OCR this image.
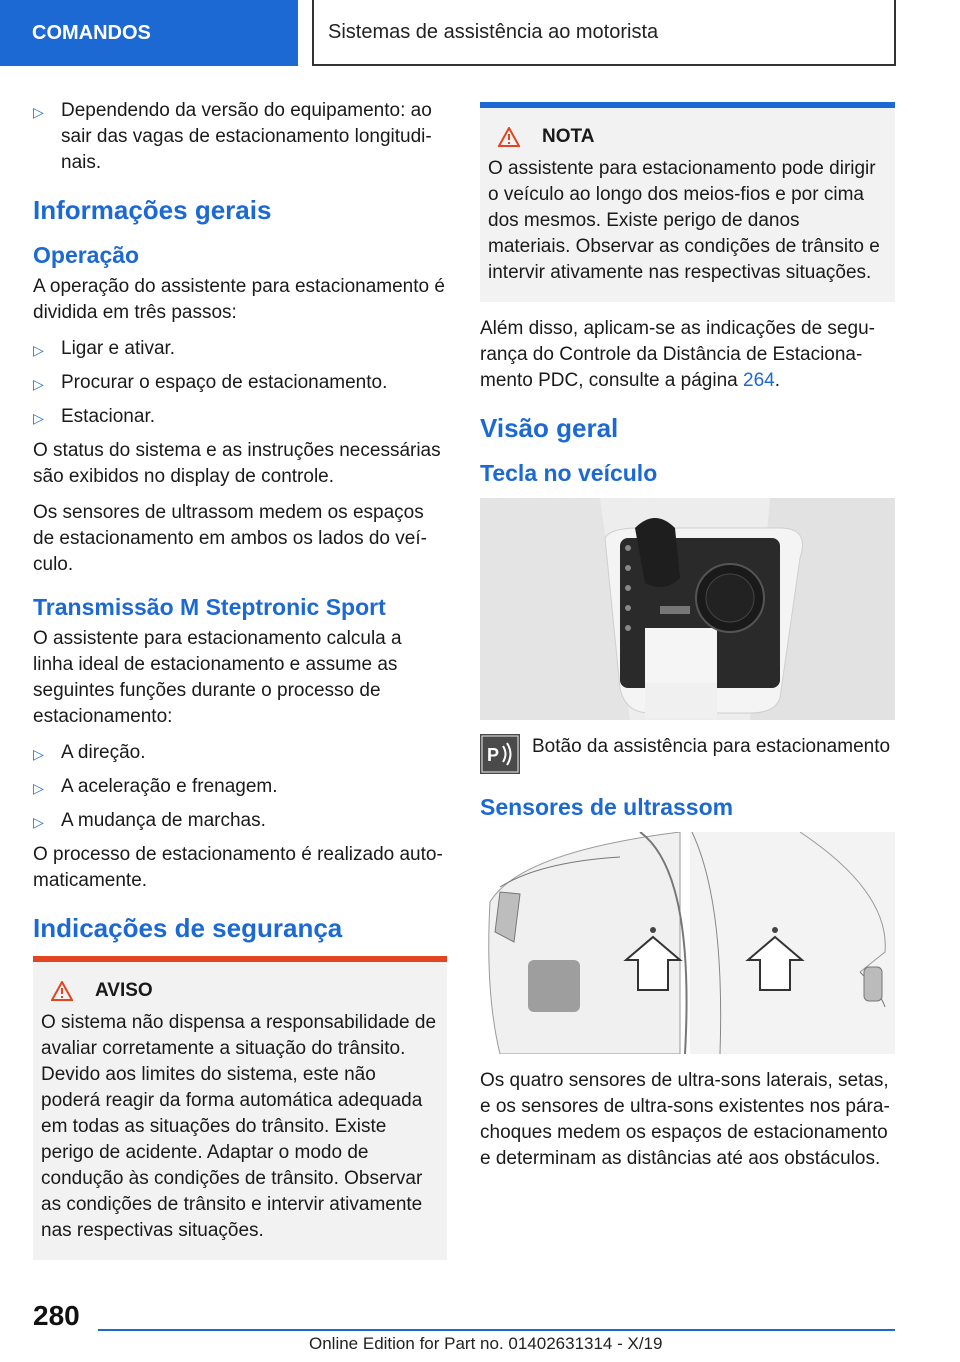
COMANDOS	Sistemas de assistência ao motorista
▷ Dependendo da versão do equipamento: ao sair das vagas de estacionamento longitudinais.
Informações gerais
Operação

A operação do assistente para estacionamento é dividida em três passos:

▷ Ligar e ativar.
▷ Procurar o espaço de estacionamento.
▷ Estacionar.

O status do sistema e as instruções necessárias são exibidos no display de controle.

Os sensores de ultrassom medem os espaços de estacionamento em ambos os lados do veículo.

Transmissão M Steptronic Sport

O assistente para estacionamento calcula a linha ideal de estacionamento e assume as seguintes funções durante o processo de estacionamento:

▷ A direção.
▷ A aceleração e frenagem.
▷ A mudança de marchas.

O processo de estacionamento é realizado automaticamente.

Indicações de segurança
AVISO

O sistema não dispensa a responsabilidade de avaliar corretamente a situação do trânsito. Devido aos limites do sistema, este não poderá reagir da forma automática adequada em todas as situações do trânsito. Existe perigo de acidente. Adaptar o modo de condução às condições de trânsito. Observar as condições de trânsito e intervir ativamente nas respectivas situações.

NOTA

O assistente para estacionamento pode dirigir o veículo ao longo dos meios-fios e por cima dos mesmos. Existe perigo de danos materiais. Observar as condições de trânsito e intervir ativamente nas respectivas situações.

Além disso, aplicam-se as indicações de segurança do Controle da Distância de Estacionamento PDC, consulte a página 264.

Visão geral
Tecla no veículo
P Botão da assistência para estacionamento
Sensores de ultrassom

Os quatro sensores de ultra-sons laterais, setas, e os sensores de ultra-sons existentes nos pára-choques medem os espaços de estacionamento e determinam as distâncias até aos obstáculos.

280
Online Edition for Part no. 01402631314 - X/19
